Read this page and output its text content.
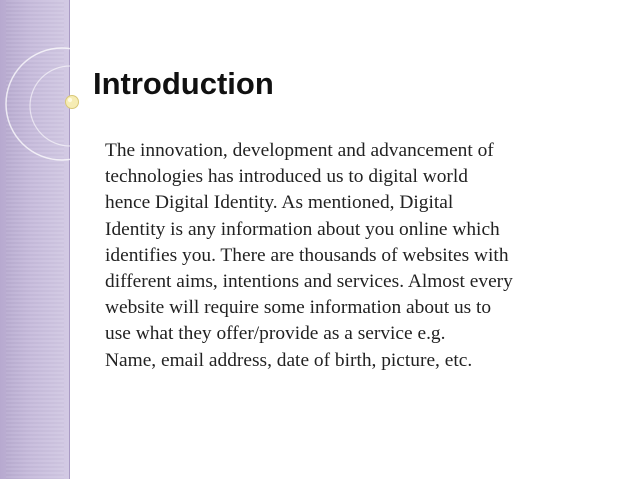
Introduction

The innovation, development and advancement of
technologies has introduced us to digital world
hence Digital Identity. As mentioned, Digital
Identity is any information about you online which
identifies you. There are thousands of websites with
different aims, intentions and services. Almost every
website will require some information about us to
use what they offer/provide as a service e.g.
Name, email address, date of birth, picture, etc.
